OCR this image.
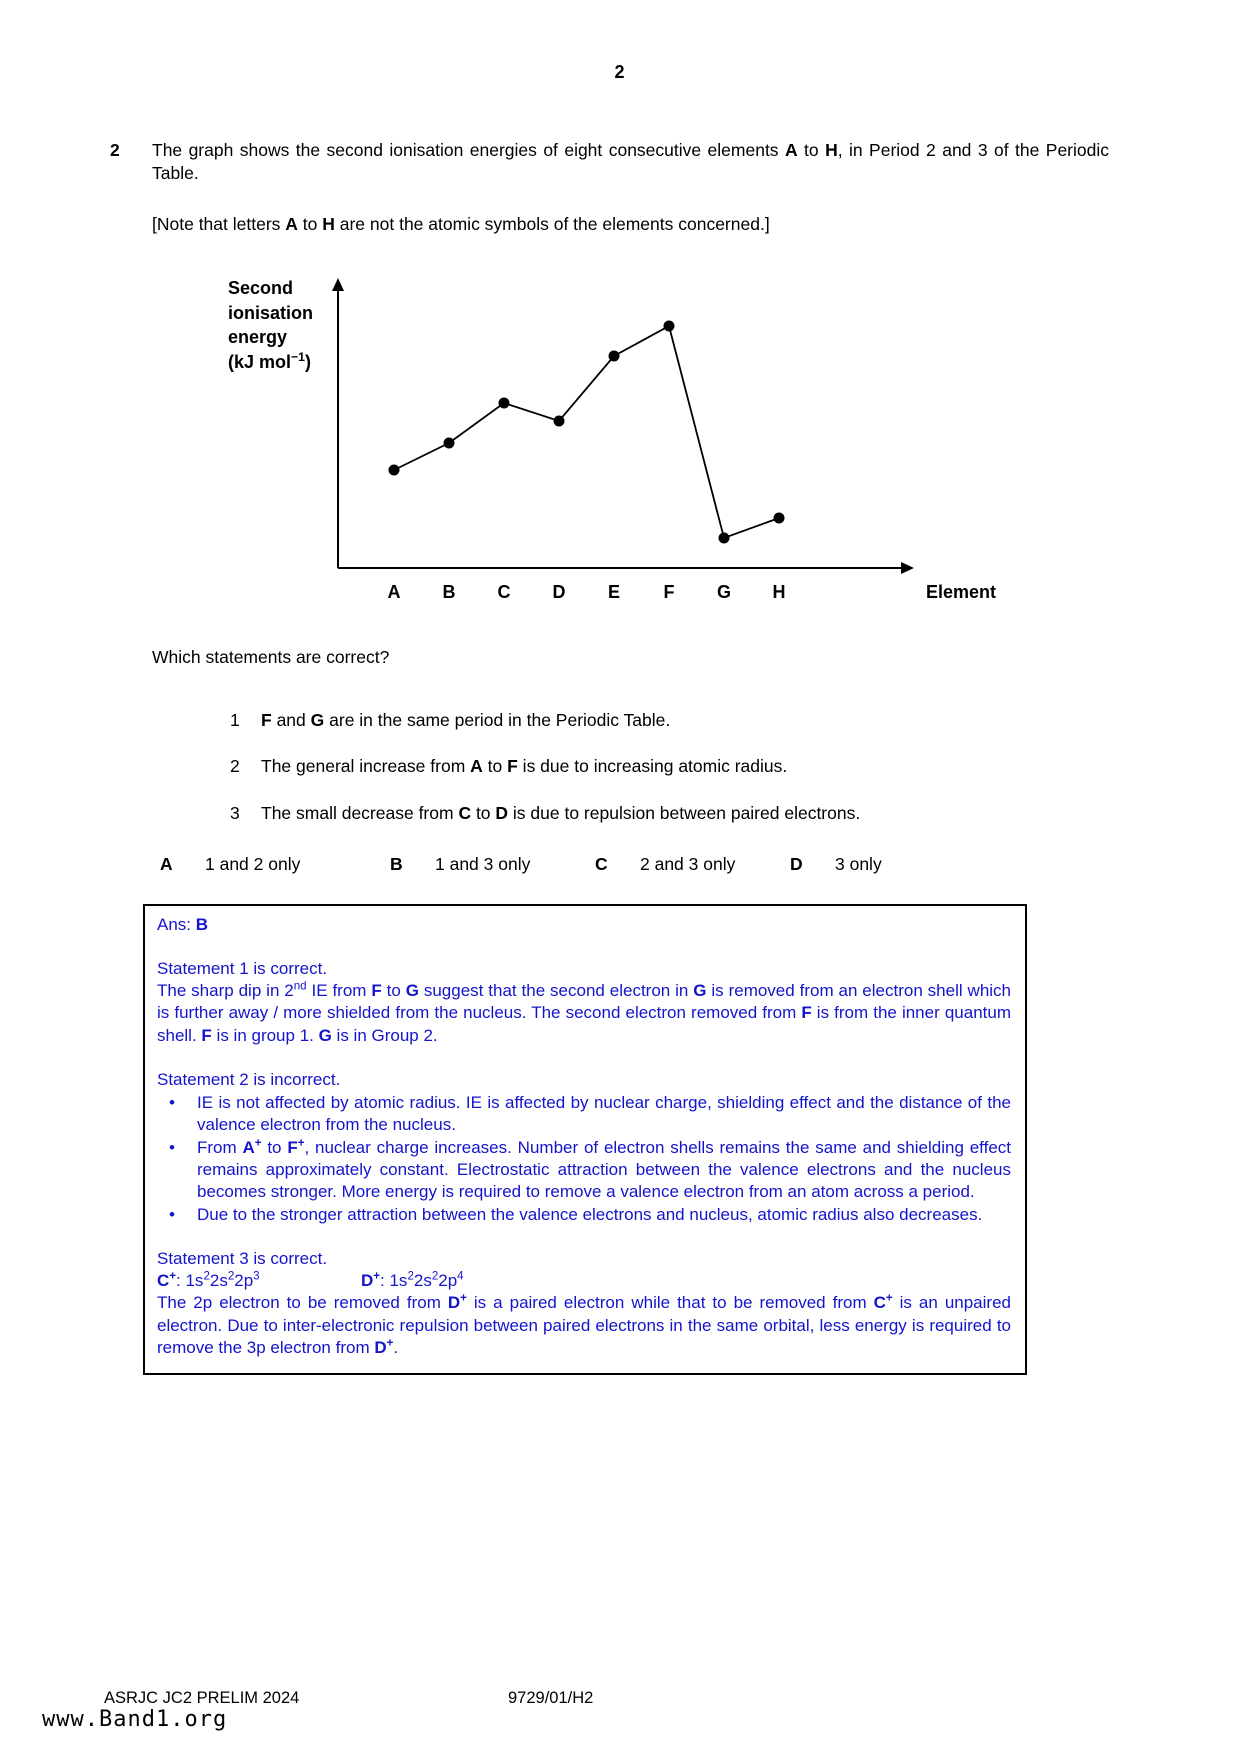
2
2	The graph shows the second ionisation energies of eight consecutive elements A to H, in Period 2 and 3 of the Periodic Table.
[Note that letters A to H are not the atomic symbols of the elements concerned.]
Second
ionisation
energy
(kJ mol$^{-1}$)
A B C D E F G H	Element
Which statements are correct?
1	F and G are in the same period in the Periodic Table.
2	The general increase from A to F is due to increasing atomic radius.
3	The small decrease from C to D is due to repulsion between paired electrons.
A	1 and 2 only	B	1 and 3 only	C	2 and 3 only	D	3 only
Ans: B
Statement 1 is correct.
The sharp dip in 2nd IE from F to G suggest that the second electron in G is removed from an electron shell which is further away / more shielded from the nucleus. The second electron removed from F is from the inner quantum shell. F is in group 1. G is in Group 2.
Statement 2 is incorrect.
• IE is not affected by atomic radius. IE is affected by nuclear charge, shielding effect and the distance of the valence electron from the nucleus.
• From A+ to F+, nuclear charge increases. Number of electron shells remains the same and shielding effect remains approximately constant. Electrostatic attraction between the valence electrons and the nucleus becomes stronger. More energy is required to remove a valence electron from an atom across a period.
• Due to the stronger attraction between the valence electrons and nucleus, atomic radius also decreases.
Statement 3 is correct.
C+: $1s^22s^22p^3$	D+: $1s^22s^22p^4$
The 2p electron to be removed from D+ is a paired electron while that to be removed from C+ is an unpaired electron. Due to inter-electronic repulsion between paired electrons in the same orbital, less energy is required to remove the 3p electron from D+.
ASRJC JC2 PRELIM 2024	9729/01/H2
www.Band1.org
